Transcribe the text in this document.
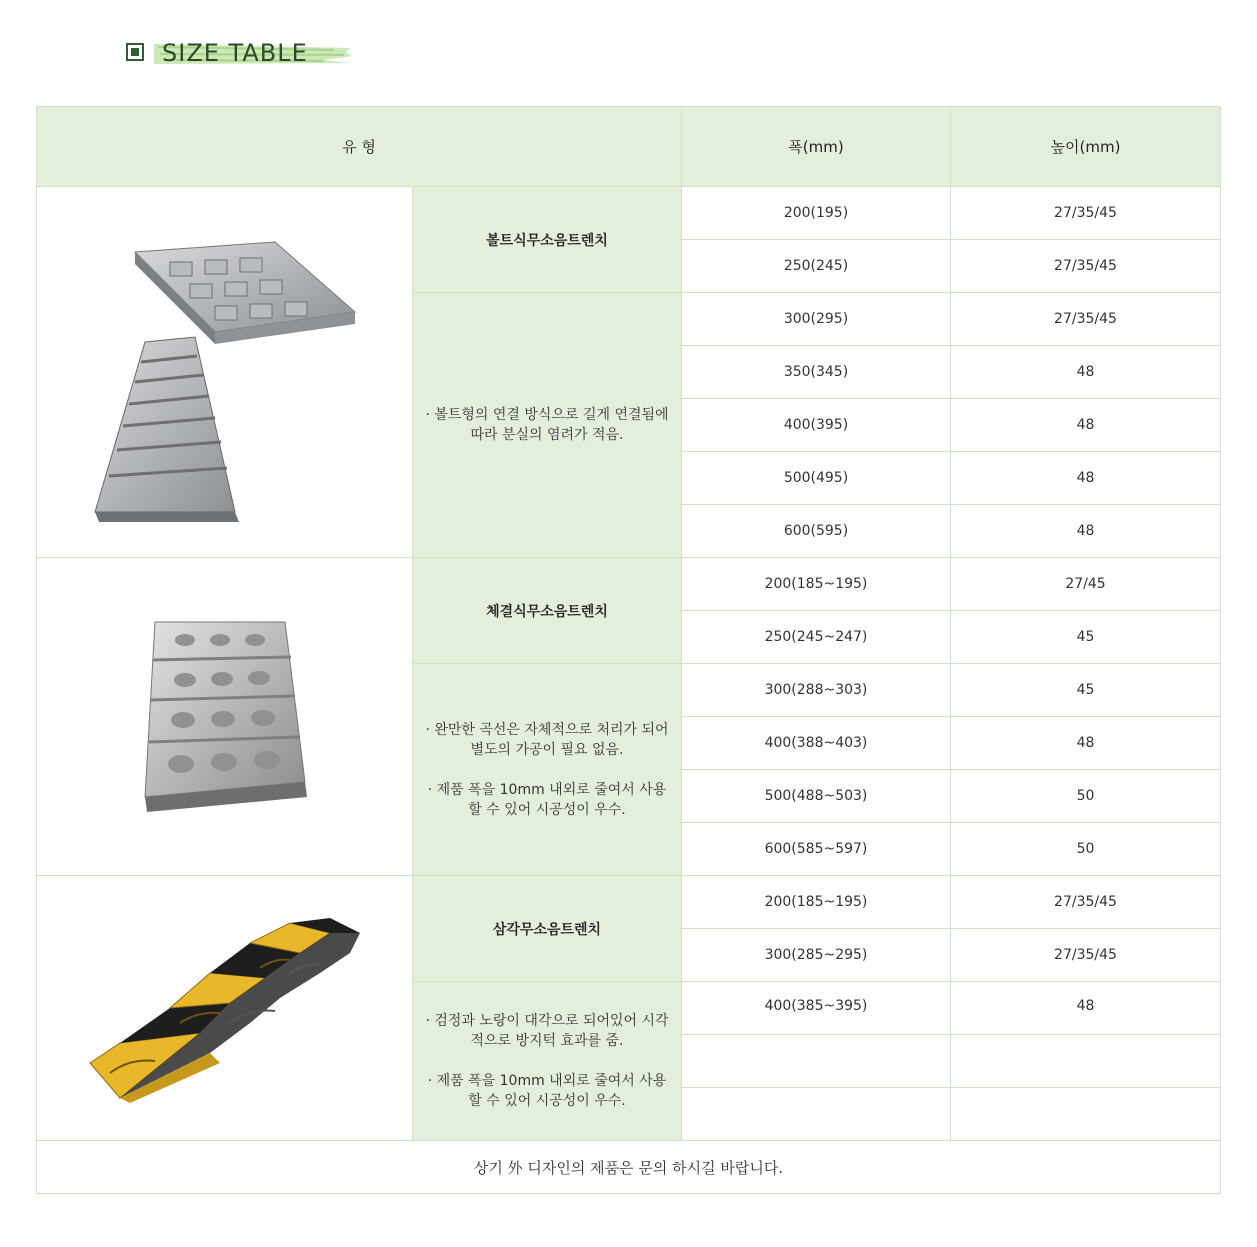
SIZE TABLE
유 형		폭(mm)	높이(mm)

	볼트식무소음트렌치	200(195)	27/35/45
		250(245)	27/35/45

	· 볼트형의 연결 방식으로 길게 연결됨에 따라 분실의 염려가 적음.	300(295)	27/35/45
		350(345)	48
		400(395)	48
		500(495)	48
		600(595)	48

	체결식무소음트렌치	200(185~195)	27/45
		250(245~247)	45

	· 완만한 곡선은 자체적으로 처리가 되어 별도의 가공이 필요 없음.

· 제품 폭을 10mm 내외로 줄여서 사용할 수 있어 시공성이 우수.	300(288~303)	45
		400(388~403)	48
		500(488~503)	50
		600(585~597)	50

	삼각무소음트렌치	200(185~195)	27/35/45
		300(285~295)	27/35/45

	· 검정과 노랑이 대각으로 되어있어 시각적으로 방지턱 효과를 줌.

· 제품 폭을 10mm 내외로 줄여서 사용할 수 있어 시공성이 우수.	400(385~395)	48

상기 外 디자인의 제품은 문의 하시길 바랍니다.			
